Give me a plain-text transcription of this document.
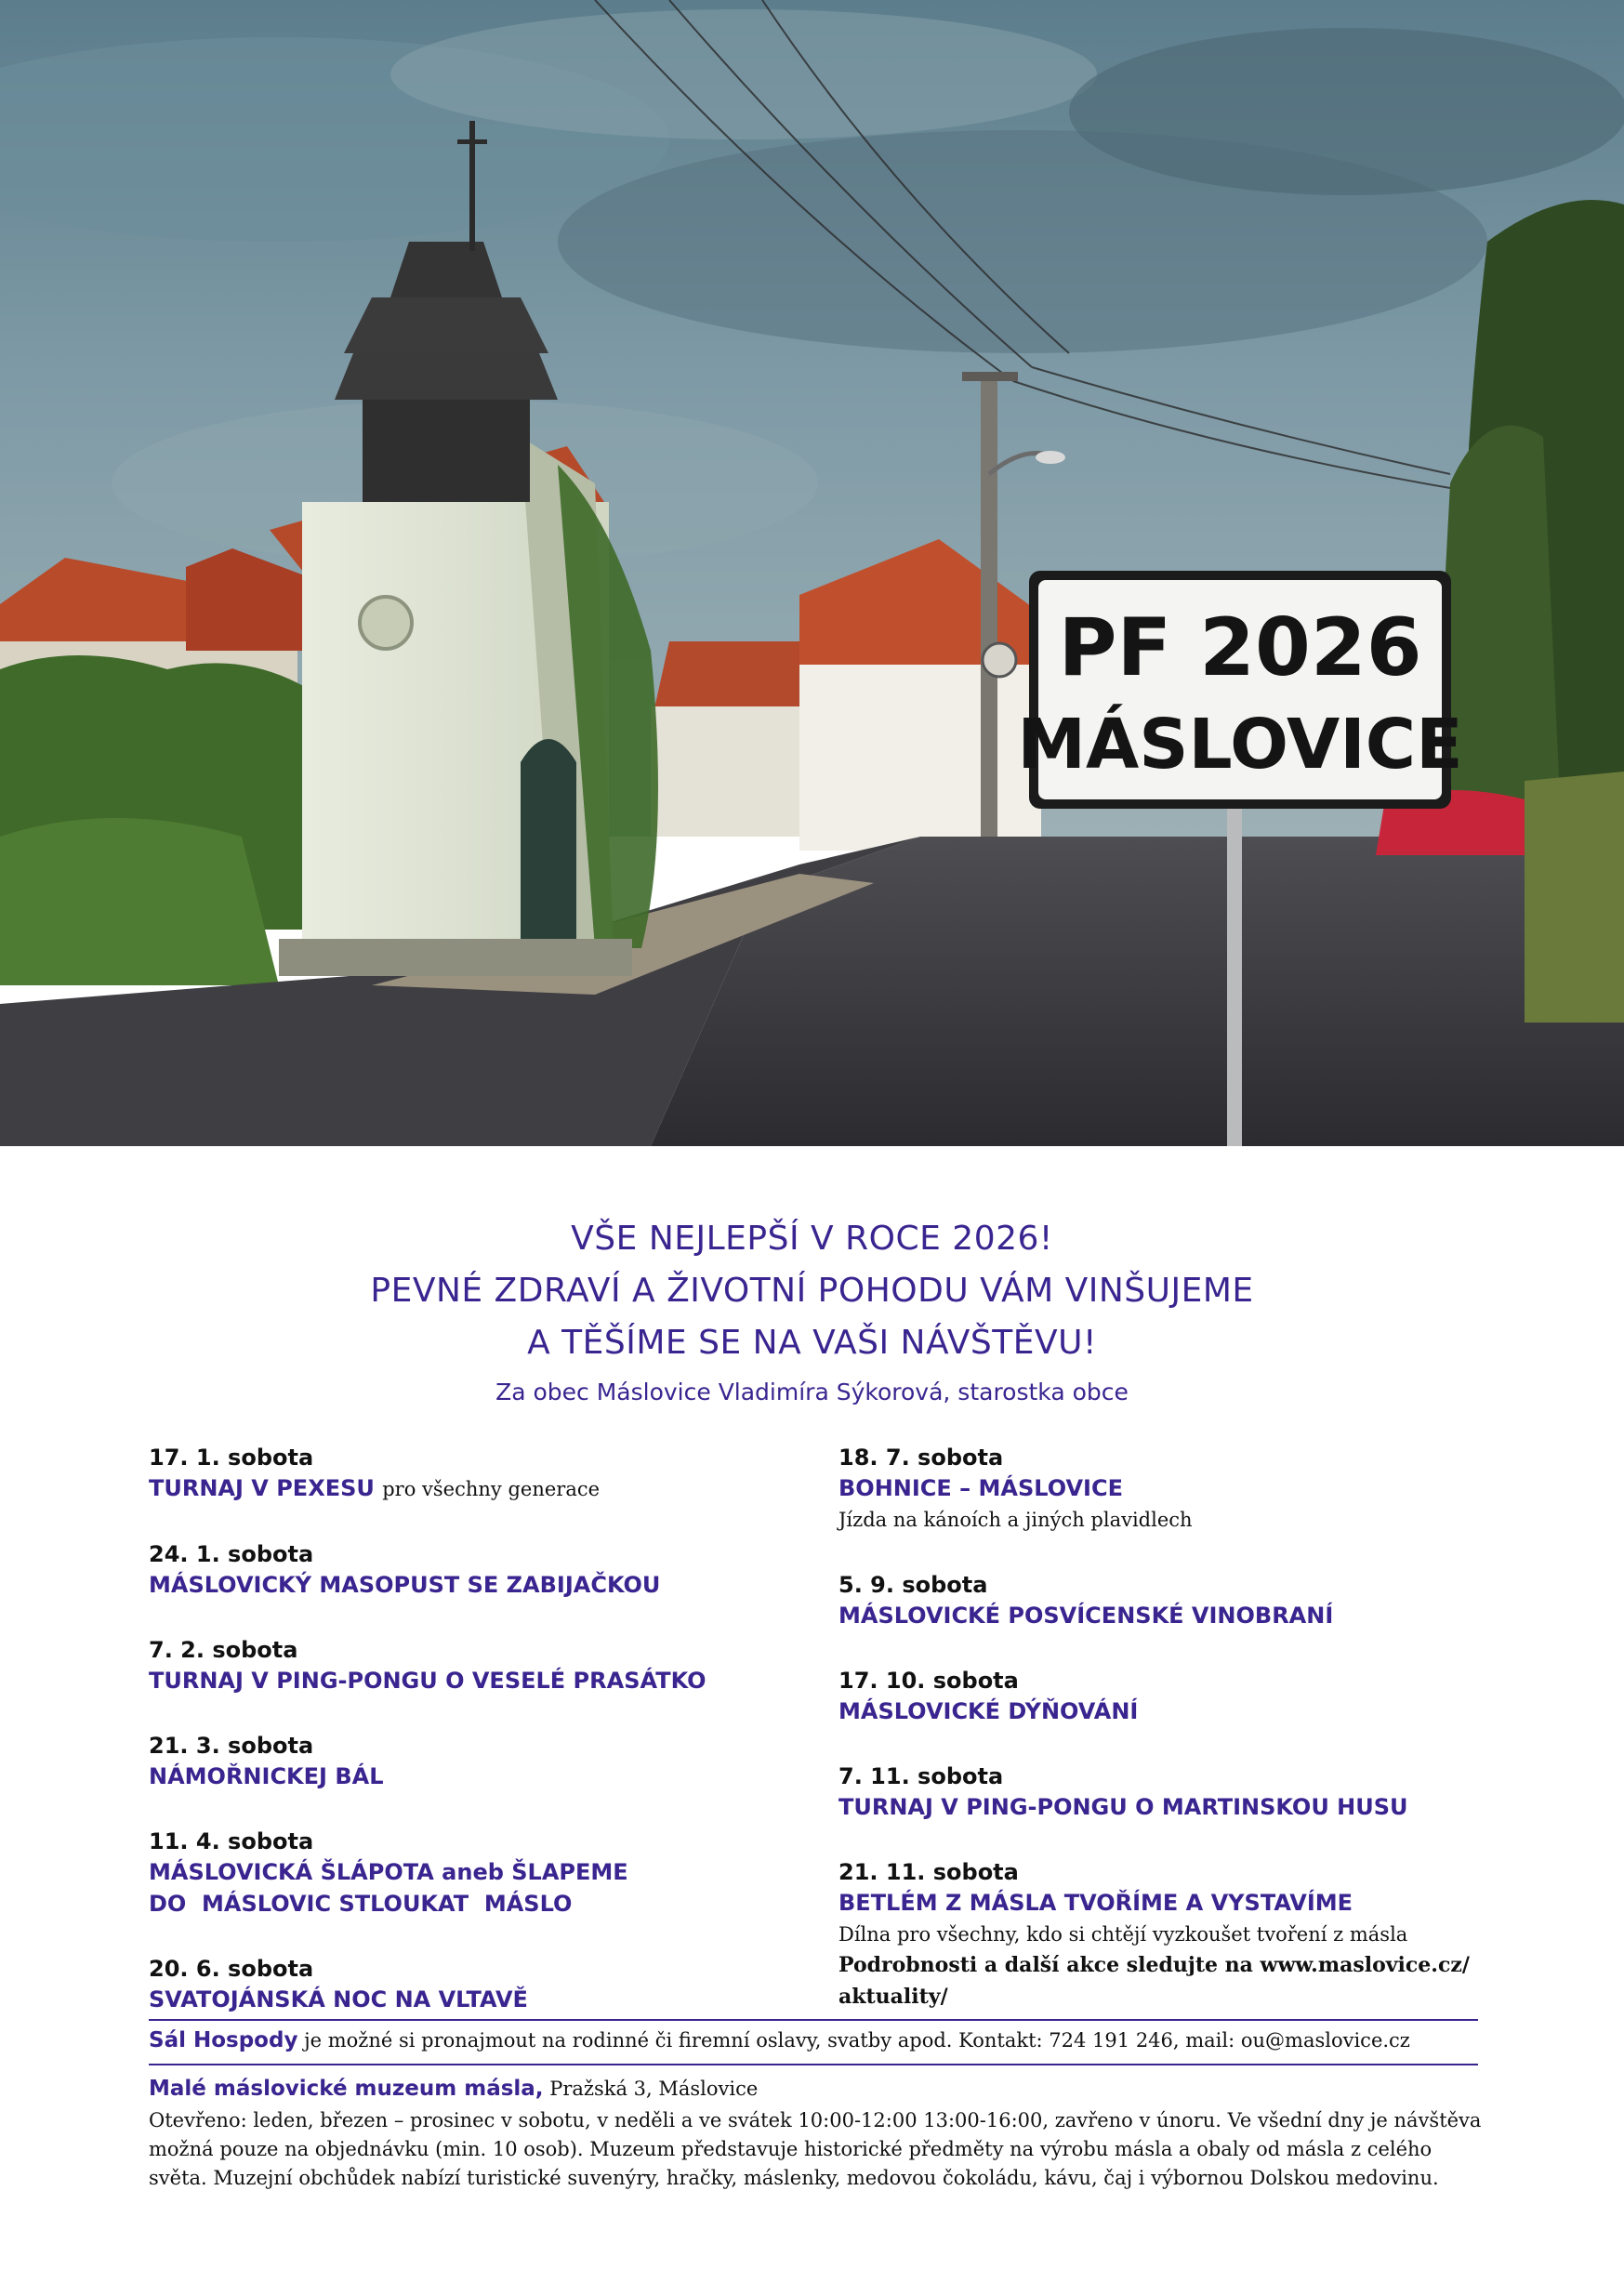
PF 2026
MÁSLOVICE
VŠE NEJLEPŠÍ V ROCE 2026!
PEVNÉ ZDRAVÍ A ŽIVOTNÍ POHODU VÁM VINŠUJEME
A TĚŠÍME SE NA VAŠI NÁVŠTĚVU!
Za obec Máslovice Vladimíra Sýkorová, starostka obce
17. 1. sobota
TURNAJ V PEXESU pro všechny generace
24. 1. sobota
MÁSLOVICKÝ MASOPUST SE ZABIJAČKOU
7. 2. sobota
TURNAJ V PING-PONGU O VESELÉ PRASÁTKO
21. 3. sobota
NÁMOŘNICKEJ BÁL
11. 4. sobota
MÁSLOVICKÁ ŠLÁPOTA aneb ŠLAPEME
DO  MÁSLOVIC STLOUKAT  MÁSLO
20. 6. sobota
SVATOJÁNSKÁ NOC NA VLTAVĚ
18. 7. sobota
BOHNICE – MÁSLOVICE
Jízda na kánoích a jiných plavidlech
5. 9. sobota
MÁSLOVICKÉ POSVÍCENSKÉ VINOBRANÍ
17. 10. sobota
MÁSLOVICKÉ DÝŇOVÁNÍ
7. 11. sobota
TURNAJ V PING-PONGU O MARTINSKOU HUSU
21. 11. sobota
BETLÉM Z MÁSLA TVOŘÍME A VYSTAVÍME
Dílna pro všechny, kdo si chtějí vyzkoušet tvoření z másla
Podrobnosti a další akce sledujte na www.maslovice.cz/
aktuality/
Sál Hospody je možné si pronajmout na rodinné či firemní oslavy, svatby apod. Kontakt: 724 191 246, mail: ou@maslovice.cz
Malé máslovické muzeum másla, Pražská 3, Máslovice
Otevřeno: leden, březen – prosinec v sobotu, v neděli a ve svátek 10:00-12:00 13:00-16:00, zavřeno v únoru. Ve všední dny je návštěva možná pouze na objednávku (min. 10 osob). Muzeum představuje historické předměty na výrobu másla a obaly od másla z celého světa. Muzejní obchůdek nabízí turistické suvenýry, hračky, máslenky, medovou čokoládu, kávu, čaj i výbornou Dolskou medovinu.
